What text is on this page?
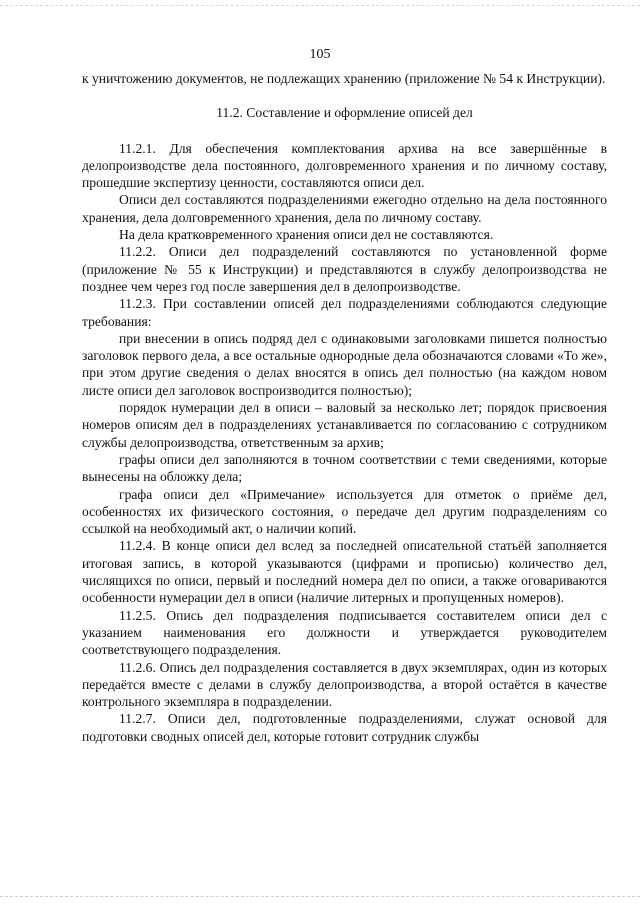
105

к уничтожению документов, не подлежащих хранению (приложение № 54 к Инструкции).

11.2. Составление и оформление описей дел

11.2.1. Для обеспечения комплектования архива на все завершённые в делопроизводстве дела постоянного, долговременного хранения и по личному составу, прошедшие экспертизу ценности, составляются описи дел.

Описи дел составляются подразделениями ежегодно отдельно на дела постоянного хранения, дела долговременного хранения, дела по личному составу.

На дела кратковременного хранения описи дел не составляются.

11.2.2. Описи дел подразделений составляются по установленной форме (приложение № 55 к Инструкции) и представляются в службу делопроизводства не позднее чем через год после завершения дел в делопроизводстве.

11.2.3. При составлении описей дел подразделениями соблюдаются следующие требования:

при внесении в опись подряд дел с одинаковыми заголовками пишется полностью заголовок первого дела, а все остальные однородные дела обозначаются словами «То же», при этом другие сведения о делах вносятся в опись дел полностью (на каждом новом листе описи дел заголовок воспроизводится полностью);

порядок нумерации дел в описи – валовый за несколько лет; порядок присвоения номеров описям дел в подразделениях устанавливается по согласованию с сотрудником службы делопроизводства, ответственным за архив;

графы описи дел заполняются в точном соответствии с теми сведениями, которые вынесены на обложку дела;

графа описи дел «Примечание» используется для отметок о приёме дел, особенностях их физического состояния, о передаче дел другим подразделениям со ссылкой на необходимый акт, о наличии копий.

11.2.4. В конце описи дел вслед за последней описательной статьёй заполняется итоговая запись, в которой указываются (цифрами и прописью) количество дел, числящихся по описи, первый и последний номера дел по описи, а также оговариваются особенности нумерации дел в описи (наличие литерных и пропущенных номеров).

11.2.5. Опись дел подразделения подписывается составителем описи дел с указанием наименования его должности и утверждается руководителем соответствующего подразделения.

11.2.6. Опись дел подразделения составляется в двух экземплярах, один из которых передаётся вместе с делами в службу делопроизводства, а второй остаётся в качестве контрольного экземпляра в подразделении.

11.2.7. Описи дел, подготовленные подразделениями, служат основой для подготовки сводных описей дел, которые готовит сотрудник службы
